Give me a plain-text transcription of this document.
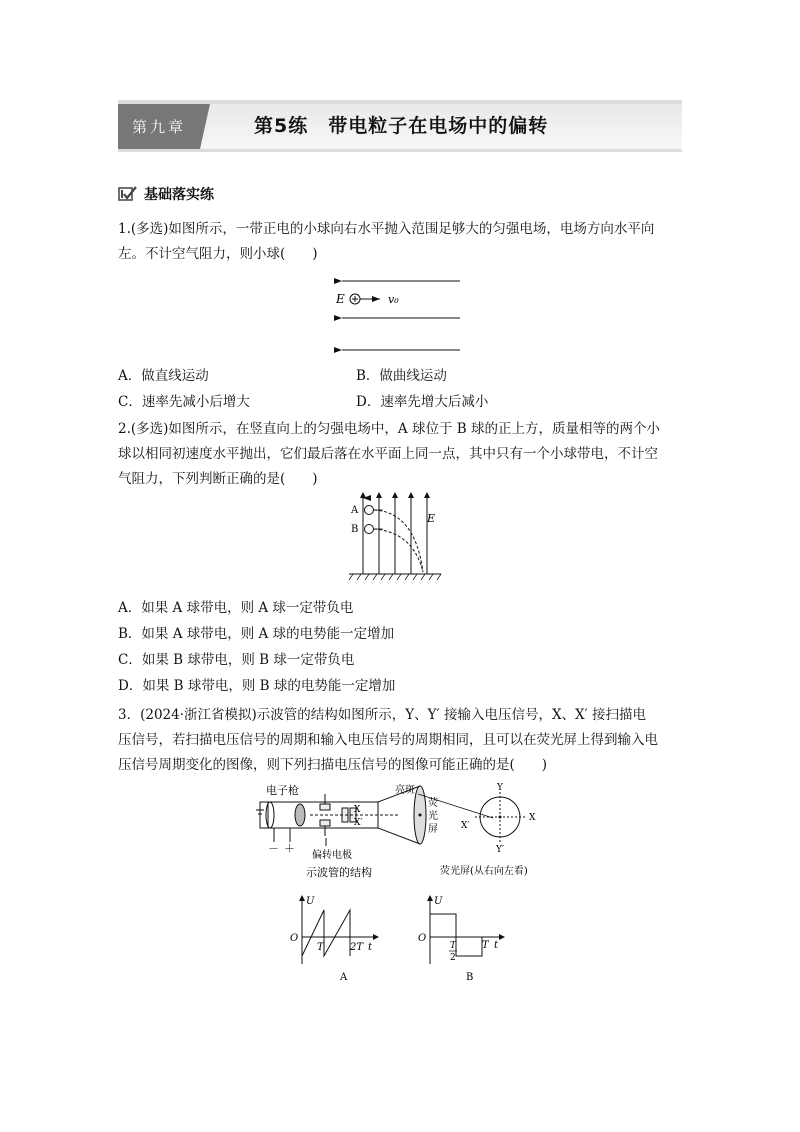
第九章	第5练　带电粒子在电场中的偏转
基础落实练

1.(多选)如图所示，一带正电的小球向右水平抛入范围足够大的匀强电场，电场方向水平向

左。不计空气阻力，则小球(　　)

E	v₀
A．做直线运动	B．做曲线运动
C．速率先减小后增大	D．速率先增大后减小

2.(多选)如图所示，在竖直向上的匀强电场中，A 球位于 B 球的正上方，质量相等的两个小

球以相同初速度水平抛出，它们最后落在水平面上同一点，其中只有一个小球带电，不计空

气阻力，下列判断正确的是(　　)

A
B
E
A．如果 A 球带电，则 A 球一定带负电
B．如果 A 球带电，则 A 球的电势能一定增加
C．如果 B 球带电，则 B 球一定带负电
D．如果 B 球带电，则 B 球的电势能一定增加

3．(2024·浙江省模拟)示波管的结构如图所示，Y、Y′ 接输入电压信号，X、X′ 接扫描电

压信号，若扫描电压信号的周期和输入电压信号的周期相同，且可以在荧光屏上得到输入电

压信号周期变化的图像，则下列扫描电压信号的图像可能正确的是(　　)

电子枪	亮斑
－ ＋
X
X′
荧
光
屏
偏转电极
示波管的结构
Y
Y′
X
X′
荧光屏(从右向左看)
U
O
T	2T t
A
U
O
T
2
T t
B
